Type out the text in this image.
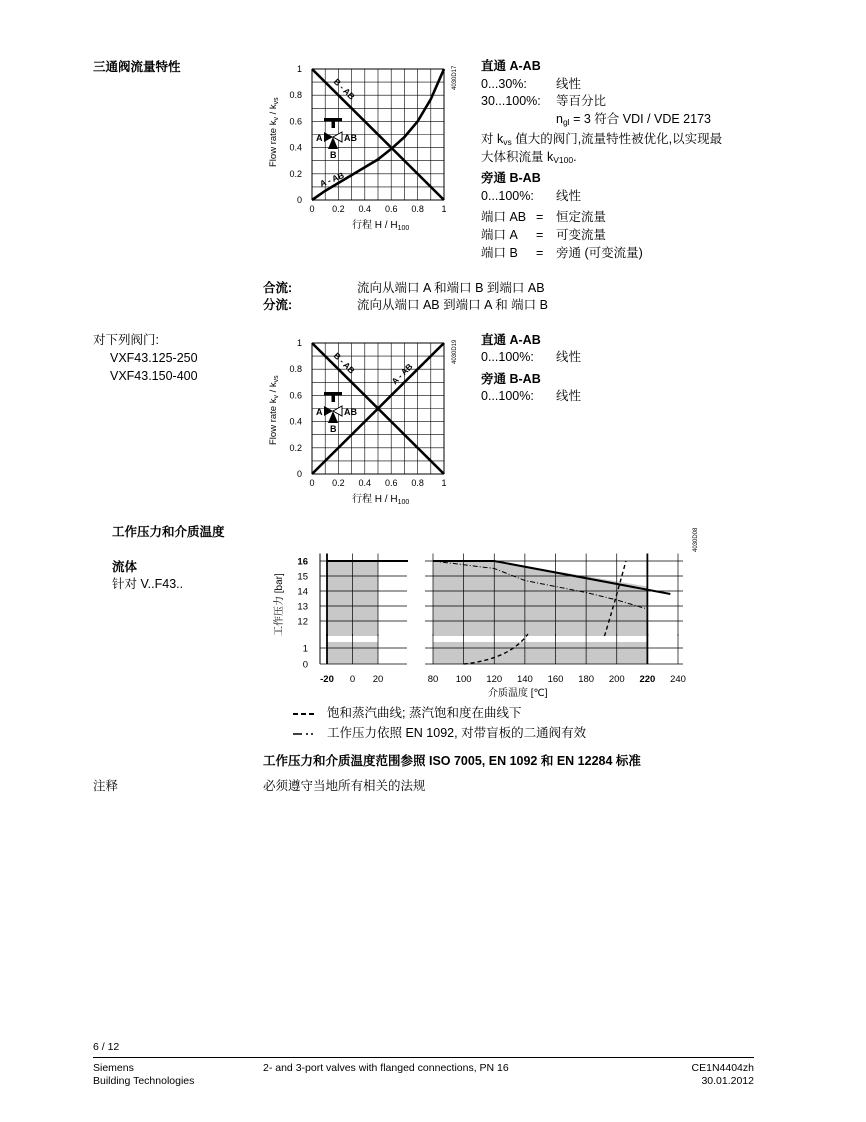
三通阀流量特性
B - AB
A - AB
0 0.2 0.4 0.6 0.8 1
0
0.2
0.4
0.6
0.8
1	4030D17
Flow rate $k_v / k_{vs}$
行程 H / $H_{100}$
A AB
B
直通 A-AB
0...30%: 线性
30...100%: 等百分比
$n_{gl} = 3$ 符合 VDI / VDE 2173
对 $k_{vs}$ 值大的阀门,流量特性被优化,以实现最
大体积流量 $k_{V100}$.
旁通 B-AB
0...100%: 线性
端口 AB = 恒定流量
端口 A = 可变流量
端口 B = 旁通 (可变流量)
合流:	流向从端口 A 和端口 B 到端口 AB
分流:	流向从端口 AB 到端口 A 和 端口 B
对下列阀门:
VXF43.125-250
VXF43.150-400
B - AB	A - AB
0 0.2 0.4 0.6 0.8 1
0
0.2
0.4
0.6
0.8
1	4030D19
Flow rate $k_v / k_{vs}$
行程 H / $H_{100}$
A AB
B
直通 A-AB
0...100%: 线性
旁通 B-AB
0...100%: 线性
工作压力和介质温度
流体
针对 V..F43..
-20 0 20	80 100 120 140 160 180 200 220 240
12
13
14
15
16
0
1
4030D08
工作压力 [bar]
介质温度 [℃]
饱和蒸汽曲线; 蒸汽饱和度在曲线下
工作压力依照 EN 1092, 对带盲板的二通阀有效
工作压力和介质温度范围参照 ISO 7005, EN 1092 和 EN 12284 标准
注释	必须遵守当地所有相关的法规
6 / 12
Siemens
Building Technologies
2- and 3-port valves with flanged connections, PN 16	CE1N4404zh
30.01.2012
